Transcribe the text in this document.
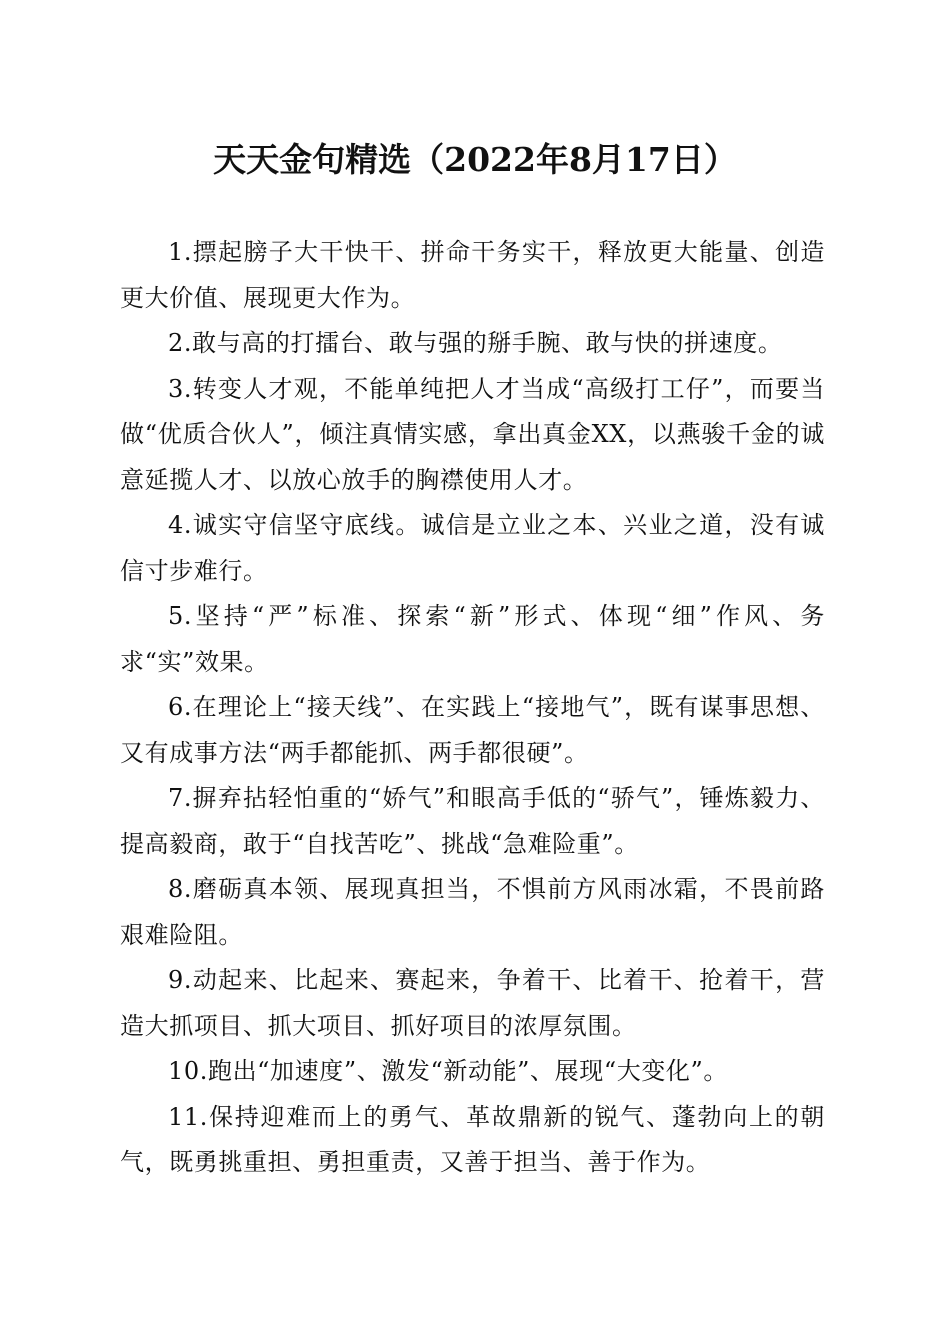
天天金句精选（2022年8月17日）

1.摽起膀子大干快干、拼命干务实干，释放更大能量、创造更大价值、展现更大作为。

2.敢与高的打擂台、敢与强的掰手腕、敢与快的拼速度。

3.转变人才观，不能单纯把人才当成“高级打工仔”，而要当做“优质合伙人”，倾注真情实感，拿出真金XX，以燕骏千金的诚意延揽人才、以放心放手的胸襟使用人才。

4.诚实守信坚守底线。诚信是立业之本、兴业之道，没有诚信寸步难行。

5.坚持“严”标准、探索“新”形式、体现“细”作风、务求“实”效果。

6.在理论上“接天线”、在实践上“接地气”，既有谋事思想、又有成事方法“两手都能抓、两手都很硬”。

7.摒弃拈轻怕重的“娇气”和眼高手低的“骄气”，锤炼毅力、提高毅商，敢于“自找苦吃”、挑战“急难险重”。

8.磨砺真本领、展现真担当，不惧前方风雨冰霜，不畏前路艰难险阻。

9.动起来、比起来、赛起来，争着干、比着干、抢着干，营造大抓项目、抓大项目、抓好项目的浓厚氛围。

10.跑出“加速度”、激发“新动能”、展现“大变化”。

11.保持迎难而上的勇气、革故鼎新的锐气、蓬勃向上的朝气，既勇挑重担、勇担重责，又善于担当、善于作为。
